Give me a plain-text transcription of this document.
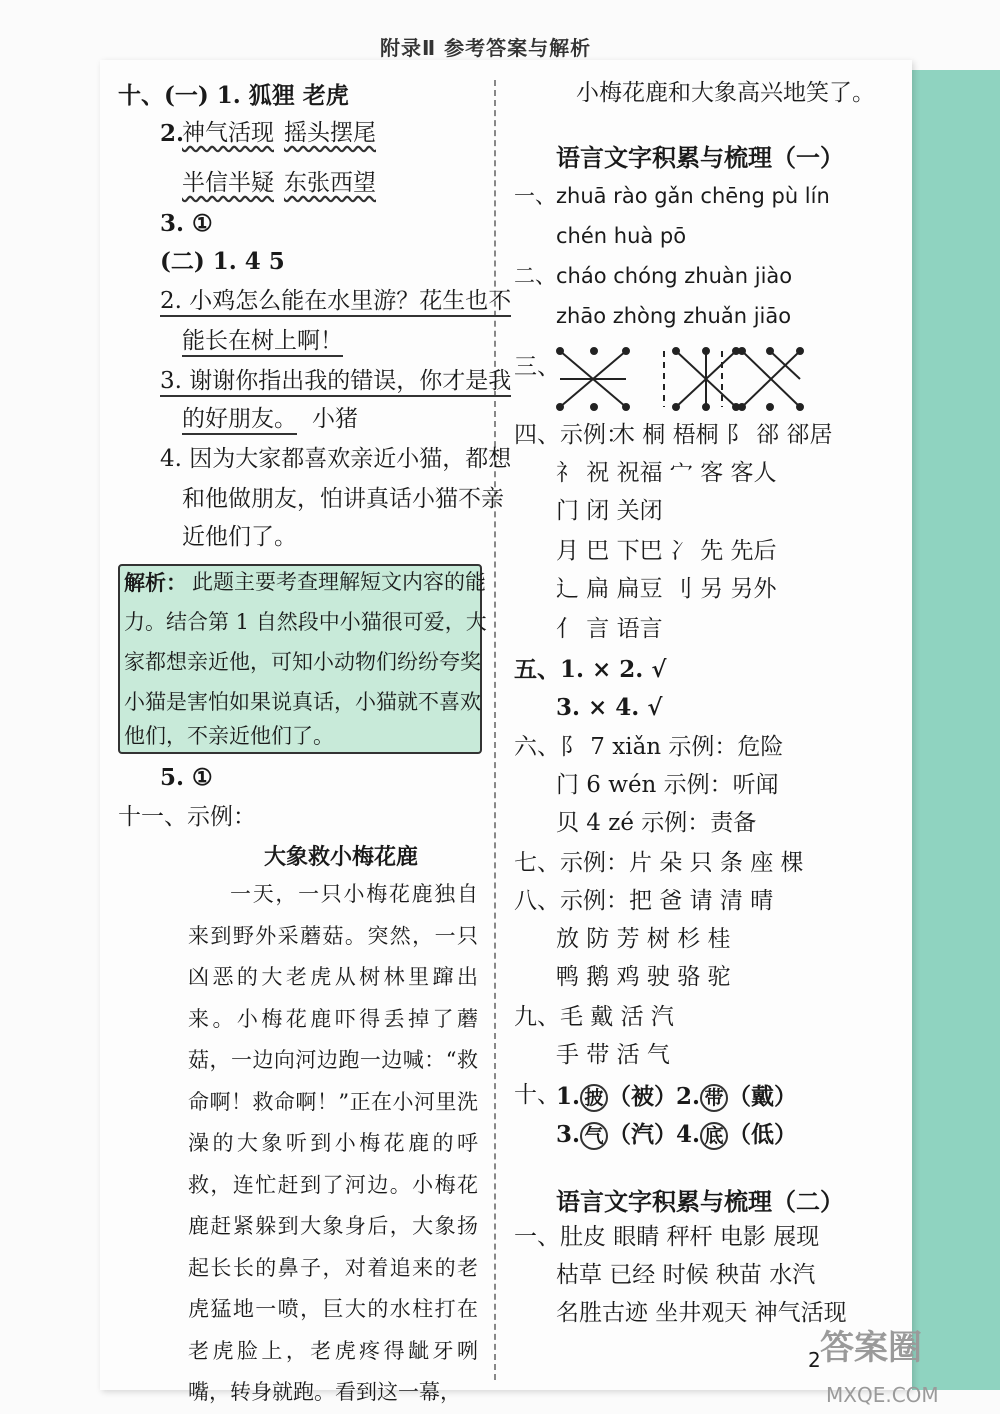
附录Ⅱ 参考答案与解析
十、(一) 1. 狐狸 老虎
2.
神气活现 摇头摆尾
半信半疑 东张西望
3. ①
(二) 1. 4 5
2. 小鸡怎么能在水里游？花生也不
能长在树上啊！
3. 谢谢你指出我的错误，你才是我
的好朋友。 小猪
4. 因为大家都喜欢亲近小猫，都想
和他做朋友，怕讲真话小猫不亲
近他们了。
解析： 此题主要考查理解短文内容的能
力。结合第 1 自然段中小猫很可爱，大
家都想亲近他，可知小动物们纷纷夸奖
小猫是害怕如果说真话，小猫就不喜欢
他们，不亲近他们了。
5. ①
十一、示例：
大象救小梅花鹿
一天，一只小梅花鹿独自来到野外采蘑菇。突然，一只凶恶的大老虎从树林里蹿出来。小梅花鹿吓得丢掉了蘑菇，一边向河边跑一边喊：“救命啊！救命啊！”正在小河里洗澡的大象听到小梅花鹿的呼救，连忙赶到了河边。小梅花鹿赶紧躲到大象身后，大象扬起长长的鼻子，对着追来的老虎猛地一喷，巨大的水柱打在老虎脸上，老虎疼得龇牙咧嘴，转身就跑。看到这一幕，
小梅花鹿和大象高兴地笑了。
语言文字积累与梳理（一）
一、zhuā rào gǎn chēng pù lín
chén huà pō
二、cháo chóng zhuàn jiào
zhāo zhòng zhuǎn jiāo
三、
四、示例：
木 桐 梧桐 阝 郤 郤居
礻 祝 祝福 宀 客 客人
门 闭 关闭
月 巴 下巴 冫 先 先后
辶 扁 扁豆 刂 另 另外
亻 言 语言
五、1. × 2. √
3. × 4. √
六、阝 7 xiǎn 示例：危险
门 6 wén 示例：听闻
贝 4 zé 示例：责备
七、示例：片 朵 只 条 座 棵
八、示例：把 爸 请 清 晴
放 防 芳 树 杉 桂
鸭 鹅 鸡 驶 骆 驼
九、毛 戴 活 汽
手 带 活 气
十、
1. 披 （被）
2. 带 （戴）
3. 气 （汽）
4. 底 （低）
语言文字积累与梳理（二）
一、肚皮 眼睛 秤杆 电影 展现
枯草 已经 时候 秧苗 水汽
名胜古迹 坐井观天 神气活现
2 答案圈
MXQE.COM
